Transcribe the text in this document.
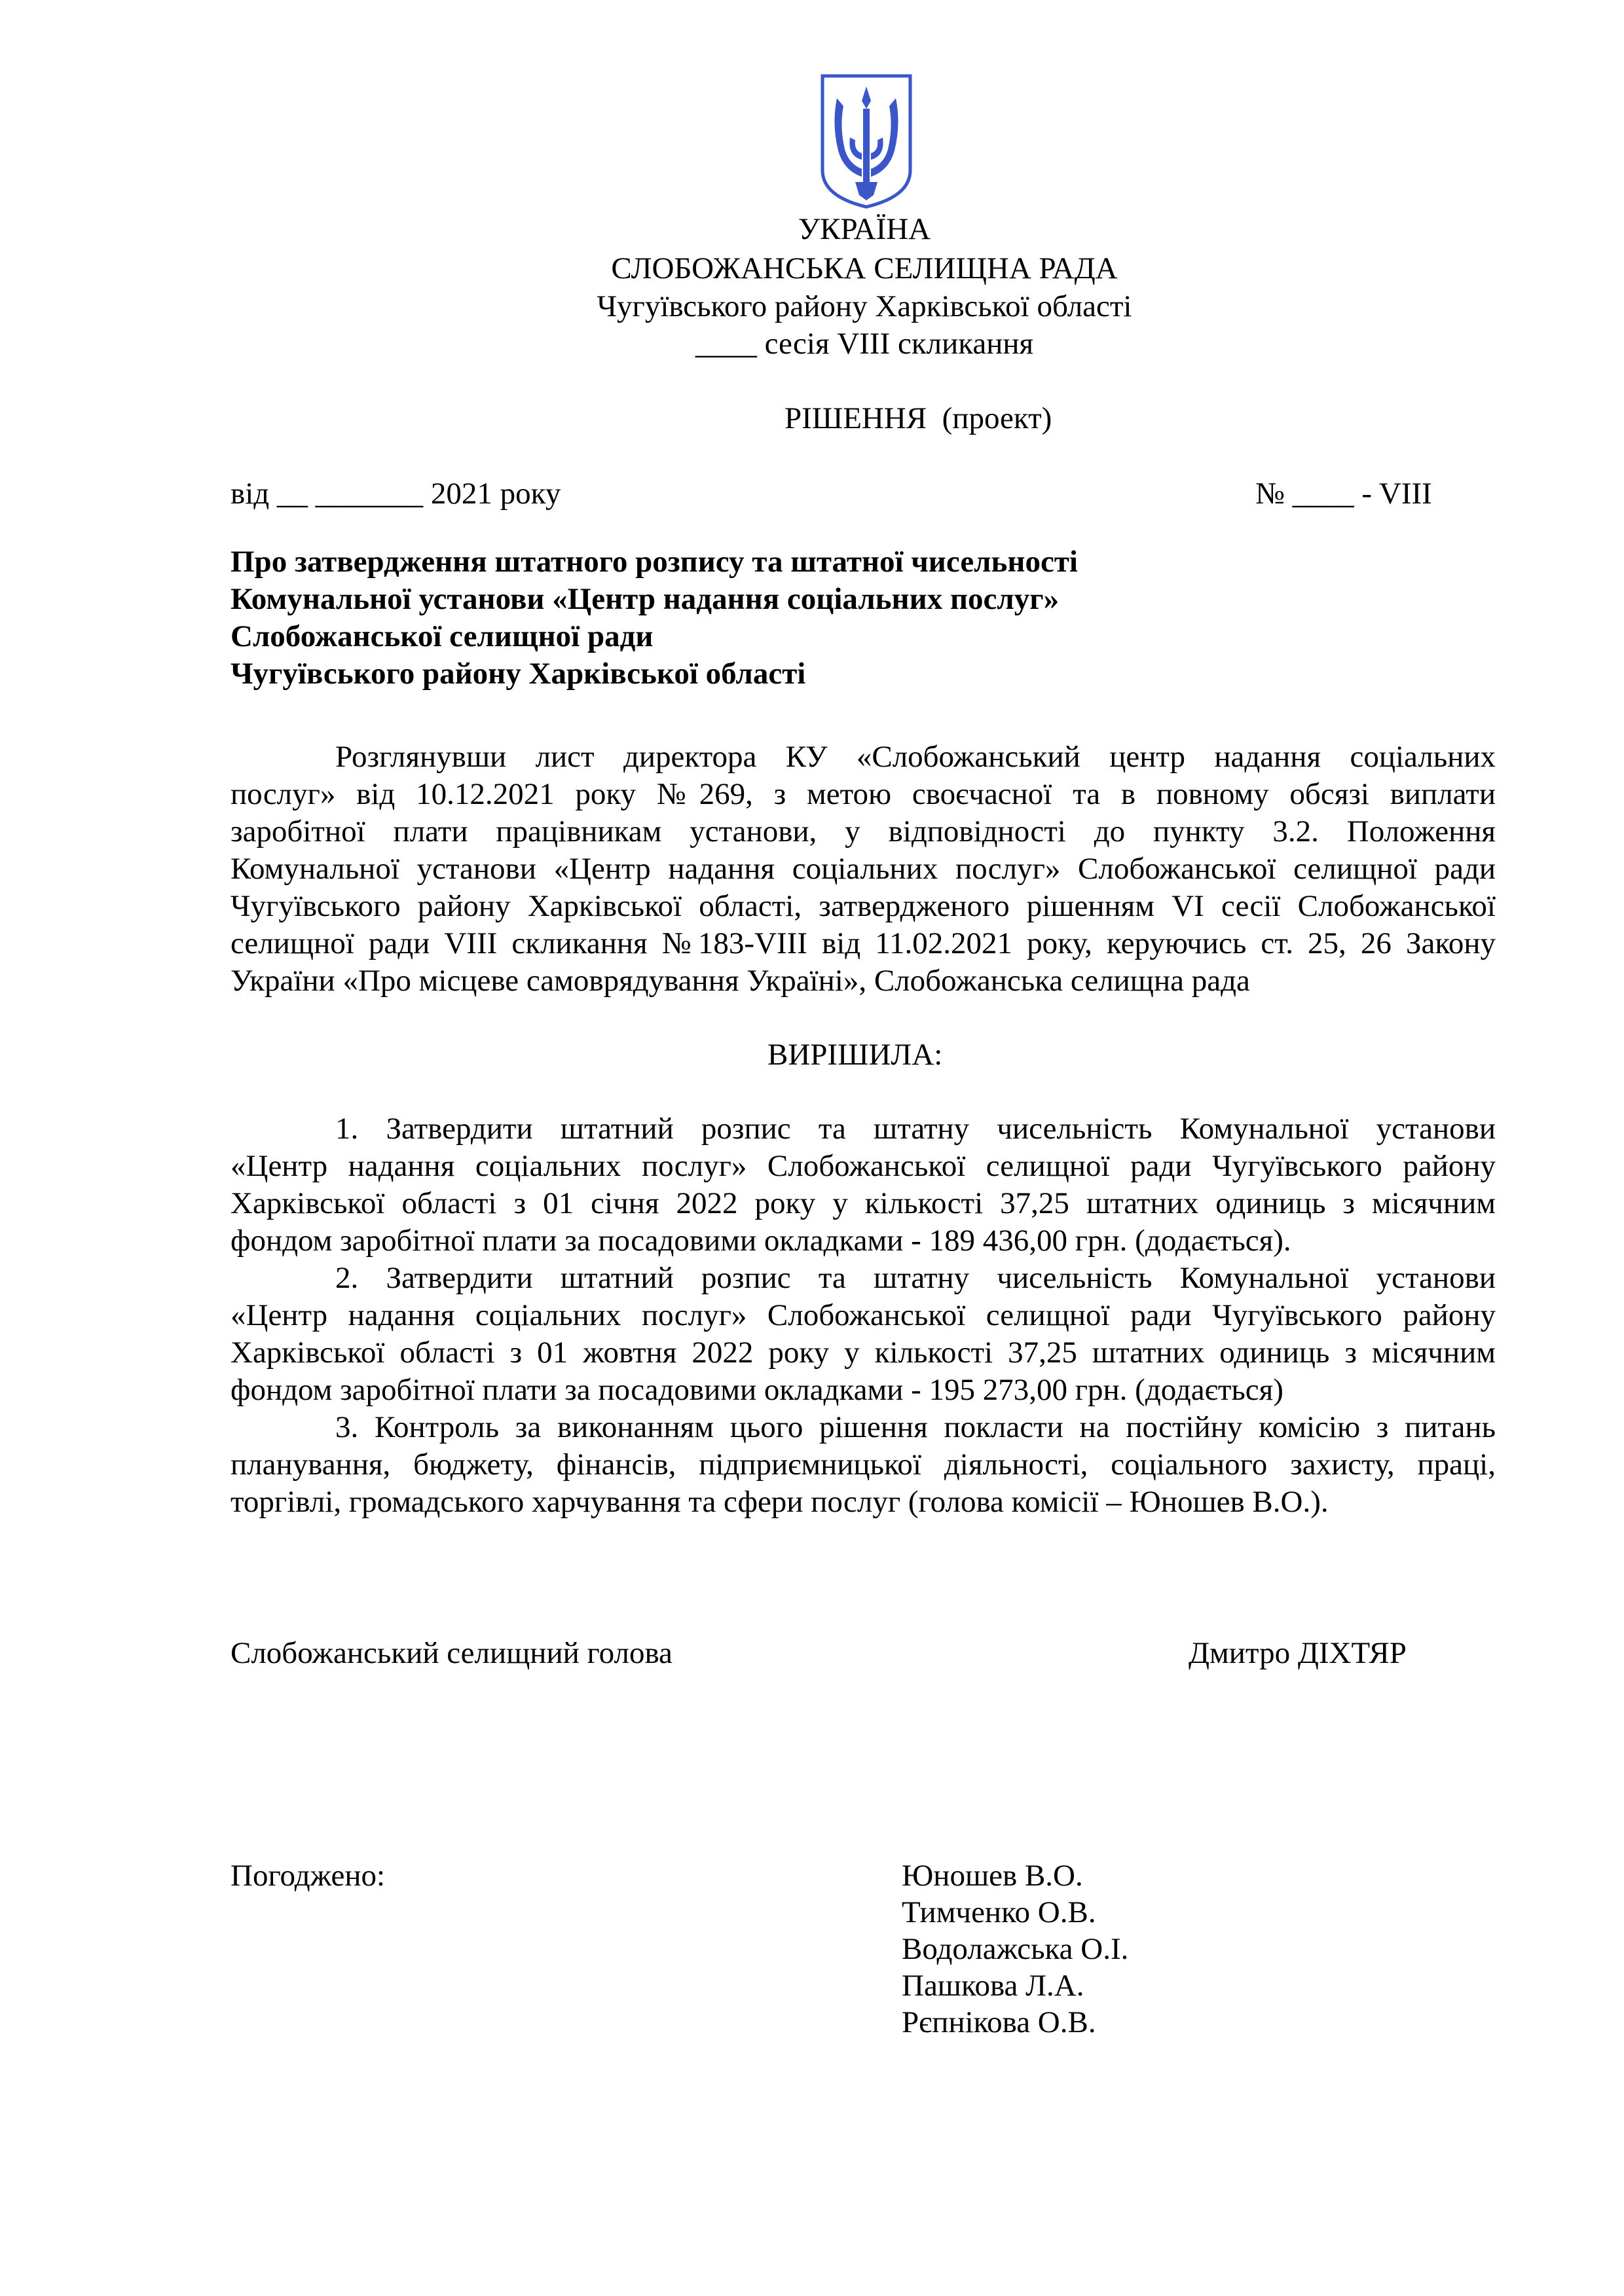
УКРАЇНА
СЛОБОЖАНСЬКА СЕЛИЩНА РАДА
Чугуївського району Харківської області
____ сесія VIII скликання
РІШЕННЯ  (проект)
від __ _______ 2021 року	№ ____ - VIII
Про затвердження штатного розпису та штатної чисельності
Комунальної установи «Центр надання соціальних послуг»
Слобожанської селищної ради
Чугуївського району Харківської області
Розглянувши лист директора КУ «Слобожанський центр надання соціальних
послуг» від 10.12.2021 року №269, з метою своєчасної та в повному обсязі виплати
заробітної плати працівникам установи, у відповідності до пункту 3.2. Положення
Комунальної установи «Центр надання соціальних послуг» Слобожанської селищної ради
Чугуївського району Харківської області, затвердженого рішенням VI сесії Слобожанської
селищної ради VIII скликання №183-VIII від 11.02.2021 року, керуючись ст. 25, 26 Закону
України «Про місцеве самоврядування Україні», Слобожанська селищна рада
ВИРІШИЛА:
1. Затвердити штатний розпис та штатну чисельність Комунальної установи
«Центр надання соціальних послуг» Слобожанської селищної ради Чугуївського району
Харківської області з 01 січня 2022 року у кількості 37,25 штатних одиниць з місячним
фондом заробітної плати за посадовими окладками - 189 436,00 грн. (додається).
2. Затвердити штатний розпис та штатну чисельність Комунальної установи
«Центр надання соціальних послуг» Слобожанської селищної ради Чугуївського району
Харківської області з 01 жовтня 2022 року у кількості 37,25 штатних одиниць з місячним
фондом заробітної плати за посадовими окладками - 195 273,00 грн. (додається)
3. Контроль за виконанням цього рішення покласти на постійну комісію з питань
планування, бюджету, фінансів, підприємницької діяльності, соціального захисту, праці,
торгівлі, громадського харчування та сфери послуг (голова комісії – Юношев В.О.).
Слобожанський селищний голова	Дмитро ДІХТЯР
Погоджено:	Юношев В.О.
Тимченко О.В.
Водолажська О.І.
Пашкова Л.А.
Рєпнікова О.В.
